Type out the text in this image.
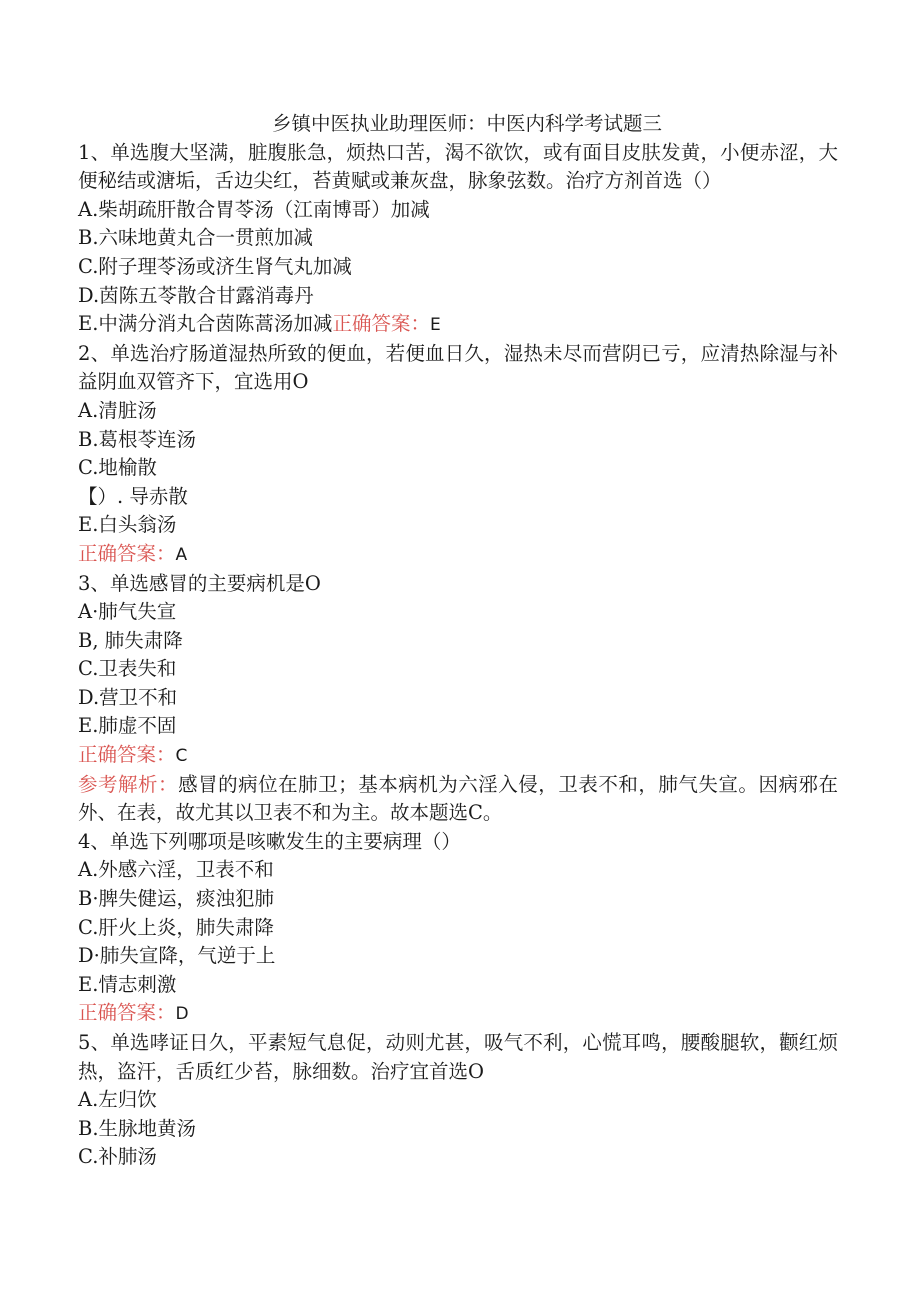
乡镇中医执业助理医师：中医内科学考试题三

1、单选腹大坚满，脏腹胀急，烦热口苦，渴不欲饮，或有面目皮肤发黄，小便赤涩，大便秘结或溏垢，舌边尖红，苔黄赋或兼灰盘，脉象弦数。治疗方剂首选（）

A.柴胡疏肝散合胃苓汤（江南博哥）加减

B.六味地黄丸合一贯煎加减

C.附子理苓汤或济生肾气丸加减

D.茵陈五苓散合甘露消毒丹

E.中满分消丸合茵陈蒿汤加减正确答案：E

2、单选治疗肠道湿热所致的便血，若便血日久，湿热未尽而营阴已亏，应清热除湿与补益阴血双管齐下，宜选用O

A.清脏汤

B.葛根苓连汤

C.地榆散

【）. 导赤散

E.白头翁汤

正确答案：A

3、单选感冒的主要病机是O

A·肺气失宣

B, 肺失肃降

C.卫表失和

D.营卫不和

E.肺虚不固

正确答案：C

参考解析：感冒的病位在肺卫；基本病机为六淫入侵，卫表不和，肺气失宣。因病邪在外、在表，故尤其以卫表不和为主。故本题选C。

4、单选下列哪项是咳嗽发生的主要病理（）

A.外感六淫，卫表不和

B·脾失健运，痰浊犯肺

C.肝火上炎，肺失肃降

D·肺失宣降，气逆于上

E.情志刺激

正确答案：D

5、单选哮证日久，平素短气息促，动则尤甚，吸气不利，心慌耳鸣，腰酸腿软，颧红烦热，盗汗，舌质红少苔，脉细数。治疗宜首选O

A.左归饮

B.生脉地黄汤

C.补肺汤
